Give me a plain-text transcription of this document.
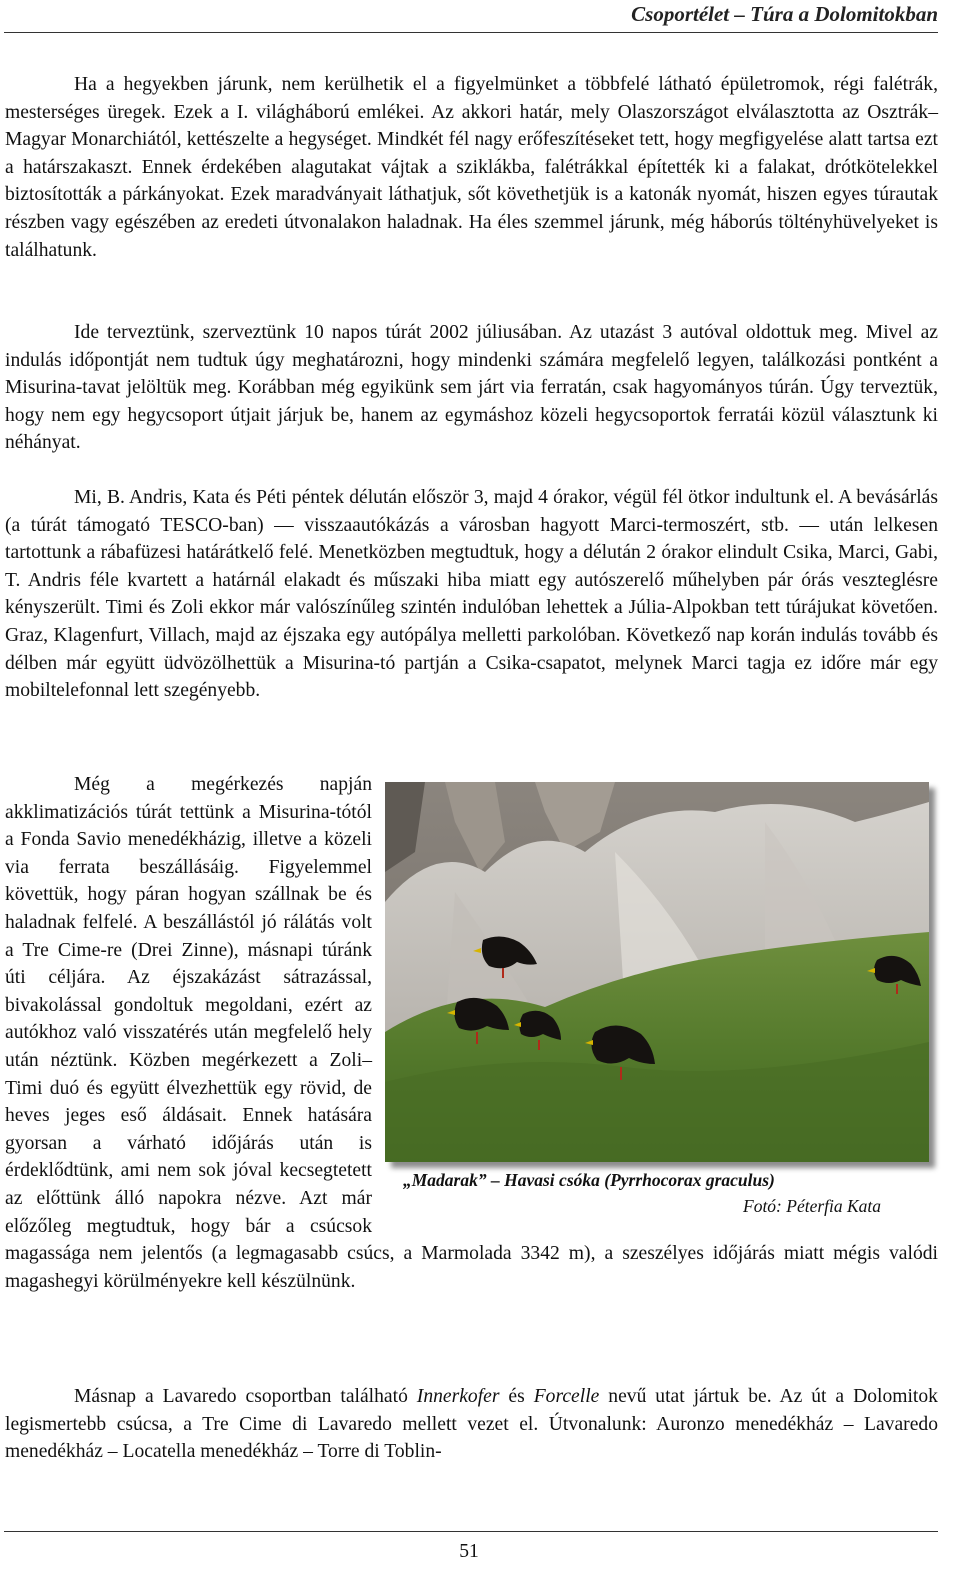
Csoportélet – Túra a Dolomitokban

Ha a hegyekben járunk, nem kerülhetik el a figyelmünket a többfelé látható épületromok, régi falétrák, mesterséges üregek. Ezek a I. világháború emlékei. Az akkori határ, mely Olaszországot elválasztotta az Osztrák–Magyar Monarchiától, kettészelte a hegységet. Mindkét fél nagy erőfeszítéseket tett, hogy megfigyelése alatt tartsa ezt a határszakaszt. Ennek érdekében alagutakat vájtak a sziklákba, falétrákkal építették ki a falakat, drótkötelekkel biztosították a párkányokat. Ezek maradványait láthatjuk, sőt követhetjük is a katonák nyomát, hiszen egyes túrautak részben vagy egészében az eredeti útvonalakon haladnak. Ha éles szemmel járunk, még háborús töltényhüvelyeket is találhatunk.

Ide terveztünk, szerveztünk 10 napos túrát 2002 júliusában. Az utazást 3 autóval oldottuk meg. Mivel az indulás időpontját nem tudtuk úgy meghatározni, hogy mindenki számára megfelelő legyen, találkozási pontként a Misurina-tavat jelöltük meg. Korábban még egyikünk sem járt via ferratán, csak hagyományos túrán. Úgy terveztük, hogy nem egy hegycsoport útjait járjuk be, hanem az egymáshoz közeli hegycsoportok ferratái közül választunk ki néhányat.

Mi, B. Andris, Kata és Péti péntek délután először 3, majd 4 órakor, végül fél ötkor indultunk el. A bevásárlás (a túrát támogató TESCO-ban) — visszaautókázás a városban hagyott Marci-termoszért, stb. — után lelkesen tartottunk a rábafüzesi határátkelő felé. Menetközben megtudtuk, hogy a délután 2 órakor elindult Csika, Marci, Gabi, T. Andris féle kvartett a határnál elakadt és műszaki hiba miatt egy autószerelő műhelyben pár órás veszteglésre kényszerült. Timi és Zoli ekkor már valószínűleg szintén indulóban lehettek a Júlia-Alpokban tett túrájukat követően. Graz, Klagenfurt, Villach, majd az éjszaka egy autópálya melletti parkolóban. Következő nap korán indulás tovább és délben már együtt üdvözölhettük a Misurina-tó partján a Csika-csapatot, melynek Marci tagja ez időre már egy mobiltelefonnal lett szegényebb.

Még a megérkezés napján akklimatizációs túrát tettünk a Misurina-tótól a Fonda Savio menedékházig, illetve a közeli via ferrata beszállásáig. Figyelemmel követtük, hogy páran hogyan szállnak be és haladnak felfelé. A beszállástól jó rálátás volt a Tre Cime-re (Drei Zinne), másnapi túránk úti céljára. Az éjszakázást sátrazással, bivakolással gondoltuk megoldani, ezért az autókhoz való visszatérés után megfelelő hely után néztünk. Közben megérkezett a Zoli–Timi duó és együtt élvezhettük egy rövid, de heves jeges eső áldásait. Ennek hatására gyorsan a várható időjárás után is érdeklődtünk, ami nem sok jóval kecsegtetett az előttünk álló napokra nézve. Azt már előzőleg megtudtuk, hogy bár a csúcsok magassága nem jelentős (a legmagasabb csúcs, a Marmolada 3342 m), a szeszélyes időjárás miatt mégis valódi magashegyi körülményekre kell készülnünk.

„Madarak” – Havasi csóka (Pyrrhocorax graculus)
Fotó: Péterfia Kata

Másnap a Lavaredo csoportban található Innerkofer és Forcelle nevű utat jártuk be. Az út a Dolomitok legismertebb csúcsa, a Tre Cime di Lavaredo mellett vezet el. Útvonalunk: Auronzo menedékház – Lavaredo menedékház – Locatella menedékház – Torre di Toblin-

51
